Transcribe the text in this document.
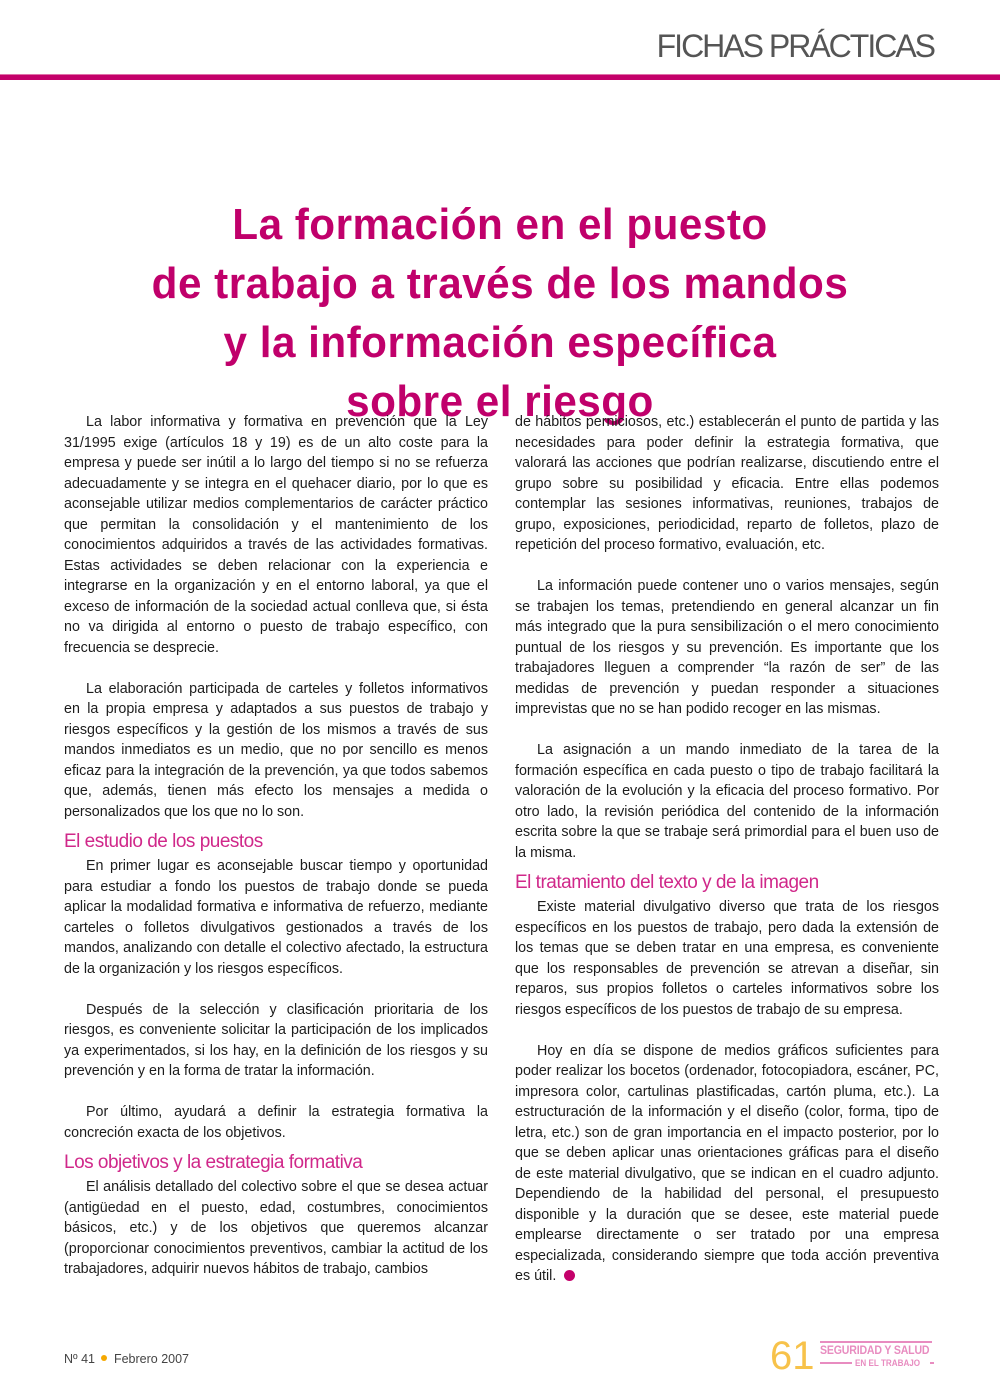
FICHAS PRÁCTICAS
La formación en el puesto
de trabajo a través de los mandos
y la información específica
sobre el riesgo

La labor informativa y formativa en prevención que la Ley 31/1995 exige (artículos 18 y 19) es de un alto coste para la empresa y puede ser inútil a lo largo del tiempo si no se refuerza adecuadamente y se integra en el quehacer diario, por lo que es aconsejable utilizar medios complementarios de carácter práctico que permitan la consolidación y el mantenimiento de los conocimientos adquiridos a través de las actividades formativas. Estas actividades se deben relacionar con la experiencia e integrarse en la organización y en el entorno laboral, ya que el exceso de información de la sociedad actual conlleva que, si ésta no va dirigida al entorno o puesto de trabajo específico, con frecuencia se desprecie.

La elaboración participada de carteles y folletos informativos en la propia empresa y adaptados a sus puestos de trabajo y riesgos específicos y la gestión de los mismos a través de sus mandos inmediatos es un medio, que no por sencillo es menos eficaz para la integración de la prevención, ya que todos sabemos que, además, tienen más efecto los mensajes a medida o personalizados que los que no lo son.

El estudio de los puestos

En primer lugar es aconsejable buscar tiempo y oportunidad para estudiar a fondo los puestos de trabajo donde se pueda aplicar la modalidad formativa e informativa de refuerzo, mediante carteles o folletos divulgativos gestionados a través de los mandos, analizando con detalle el colectivo afectado, la estructura de la organización y los riesgos específicos.

Después de la selección y clasificación prioritaria de los riesgos, es conveniente solicitar la participación de los implicados ya experimentados, si los hay, en la definición de los riesgos y su prevención y en la forma de tratar la información.

Por último, ayudará a definir la estrategia formativa la concreción exacta de los objetivos.

Los objetivos y la estrategia formativa

El análisis detallado del colectivo sobre el que se desea actuar (antigüedad en el puesto, edad, costumbres, conocimientos básicos, etc.) y de los objetivos que queremos alcanzar (proporcionar conocimientos preventivos, cambiar la actitud de los trabajadores, adquirir nuevos hábitos de trabajo, cambios

de hábitos perniciosos, etc.) establecerán el punto de partida y las necesidades para poder definir la estrategia formativa, que valorará las acciones que podrían realizarse, discutiendo entre el grupo sobre su posibilidad y eficacia. Entre ellas podemos contemplar las sesiones informativas, reuniones, trabajos de grupo, exposiciones, periodicidad, reparto de folletos, plazo de repetición del proceso formativo, evaluación, etc.

La información puede contener uno o varios mensajes, según se trabajen los temas, pretendiendo en general alcanzar un fin más integrado que la pura sensibilización o el mero conocimiento puntual de los riesgos y su prevención. Es importante que los trabajadores lleguen a comprender “la razón de ser” de las medidas de prevención y puedan responder a situaciones imprevistas que no se han podido recoger en las mismas.

La asignación a un mando inmediato de la tarea de la formación específica en cada puesto o tipo de trabajo facilitará la valoración de la evolución y la eficacia del proceso formativo. Por otro lado, la revisión periódica del contenido de la información escrita sobre la que se trabaje será primordial para el buen uso de la misma.

El tratamiento del texto y de la imagen

Existe material divulgativo diverso que trata de los riesgos específicos en los puestos de trabajo, pero dada la extensión de los temas que se deben tratar en una empresa, es conveniente que los responsables de prevención se atrevan a diseñar, sin reparos, sus propios folletos o carteles informativos sobre los riesgos específicos de los puestos de trabajo de su empresa.

Hoy en día se dispone de medios gráficos suficientes para poder realizar los bocetos (ordenador, fotocopiadora, escáner, PC, impresora color, cartulinas plastificadas, cartón pluma, etc.). La estructuración de la información y el diseño (color, forma, tipo de letra, etc.) son de gran importancia en el impacto posterior, por lo que se deben aplicar unas orientaciones gráficas para el diseño de este material divulgativo, que se indican en el cuadro adjunto. Dependiendo de la habilidad del personal, el presupuesto disponible y la duración que se desee, este material puede emplearse directamente o ser tratado por una empresa especializada, considerando siempre que toda acción preventiva es útil.

Nº 41 Febrero 2007	61 SEGURIDAD Y SALUD
EN EL TRABAJO
